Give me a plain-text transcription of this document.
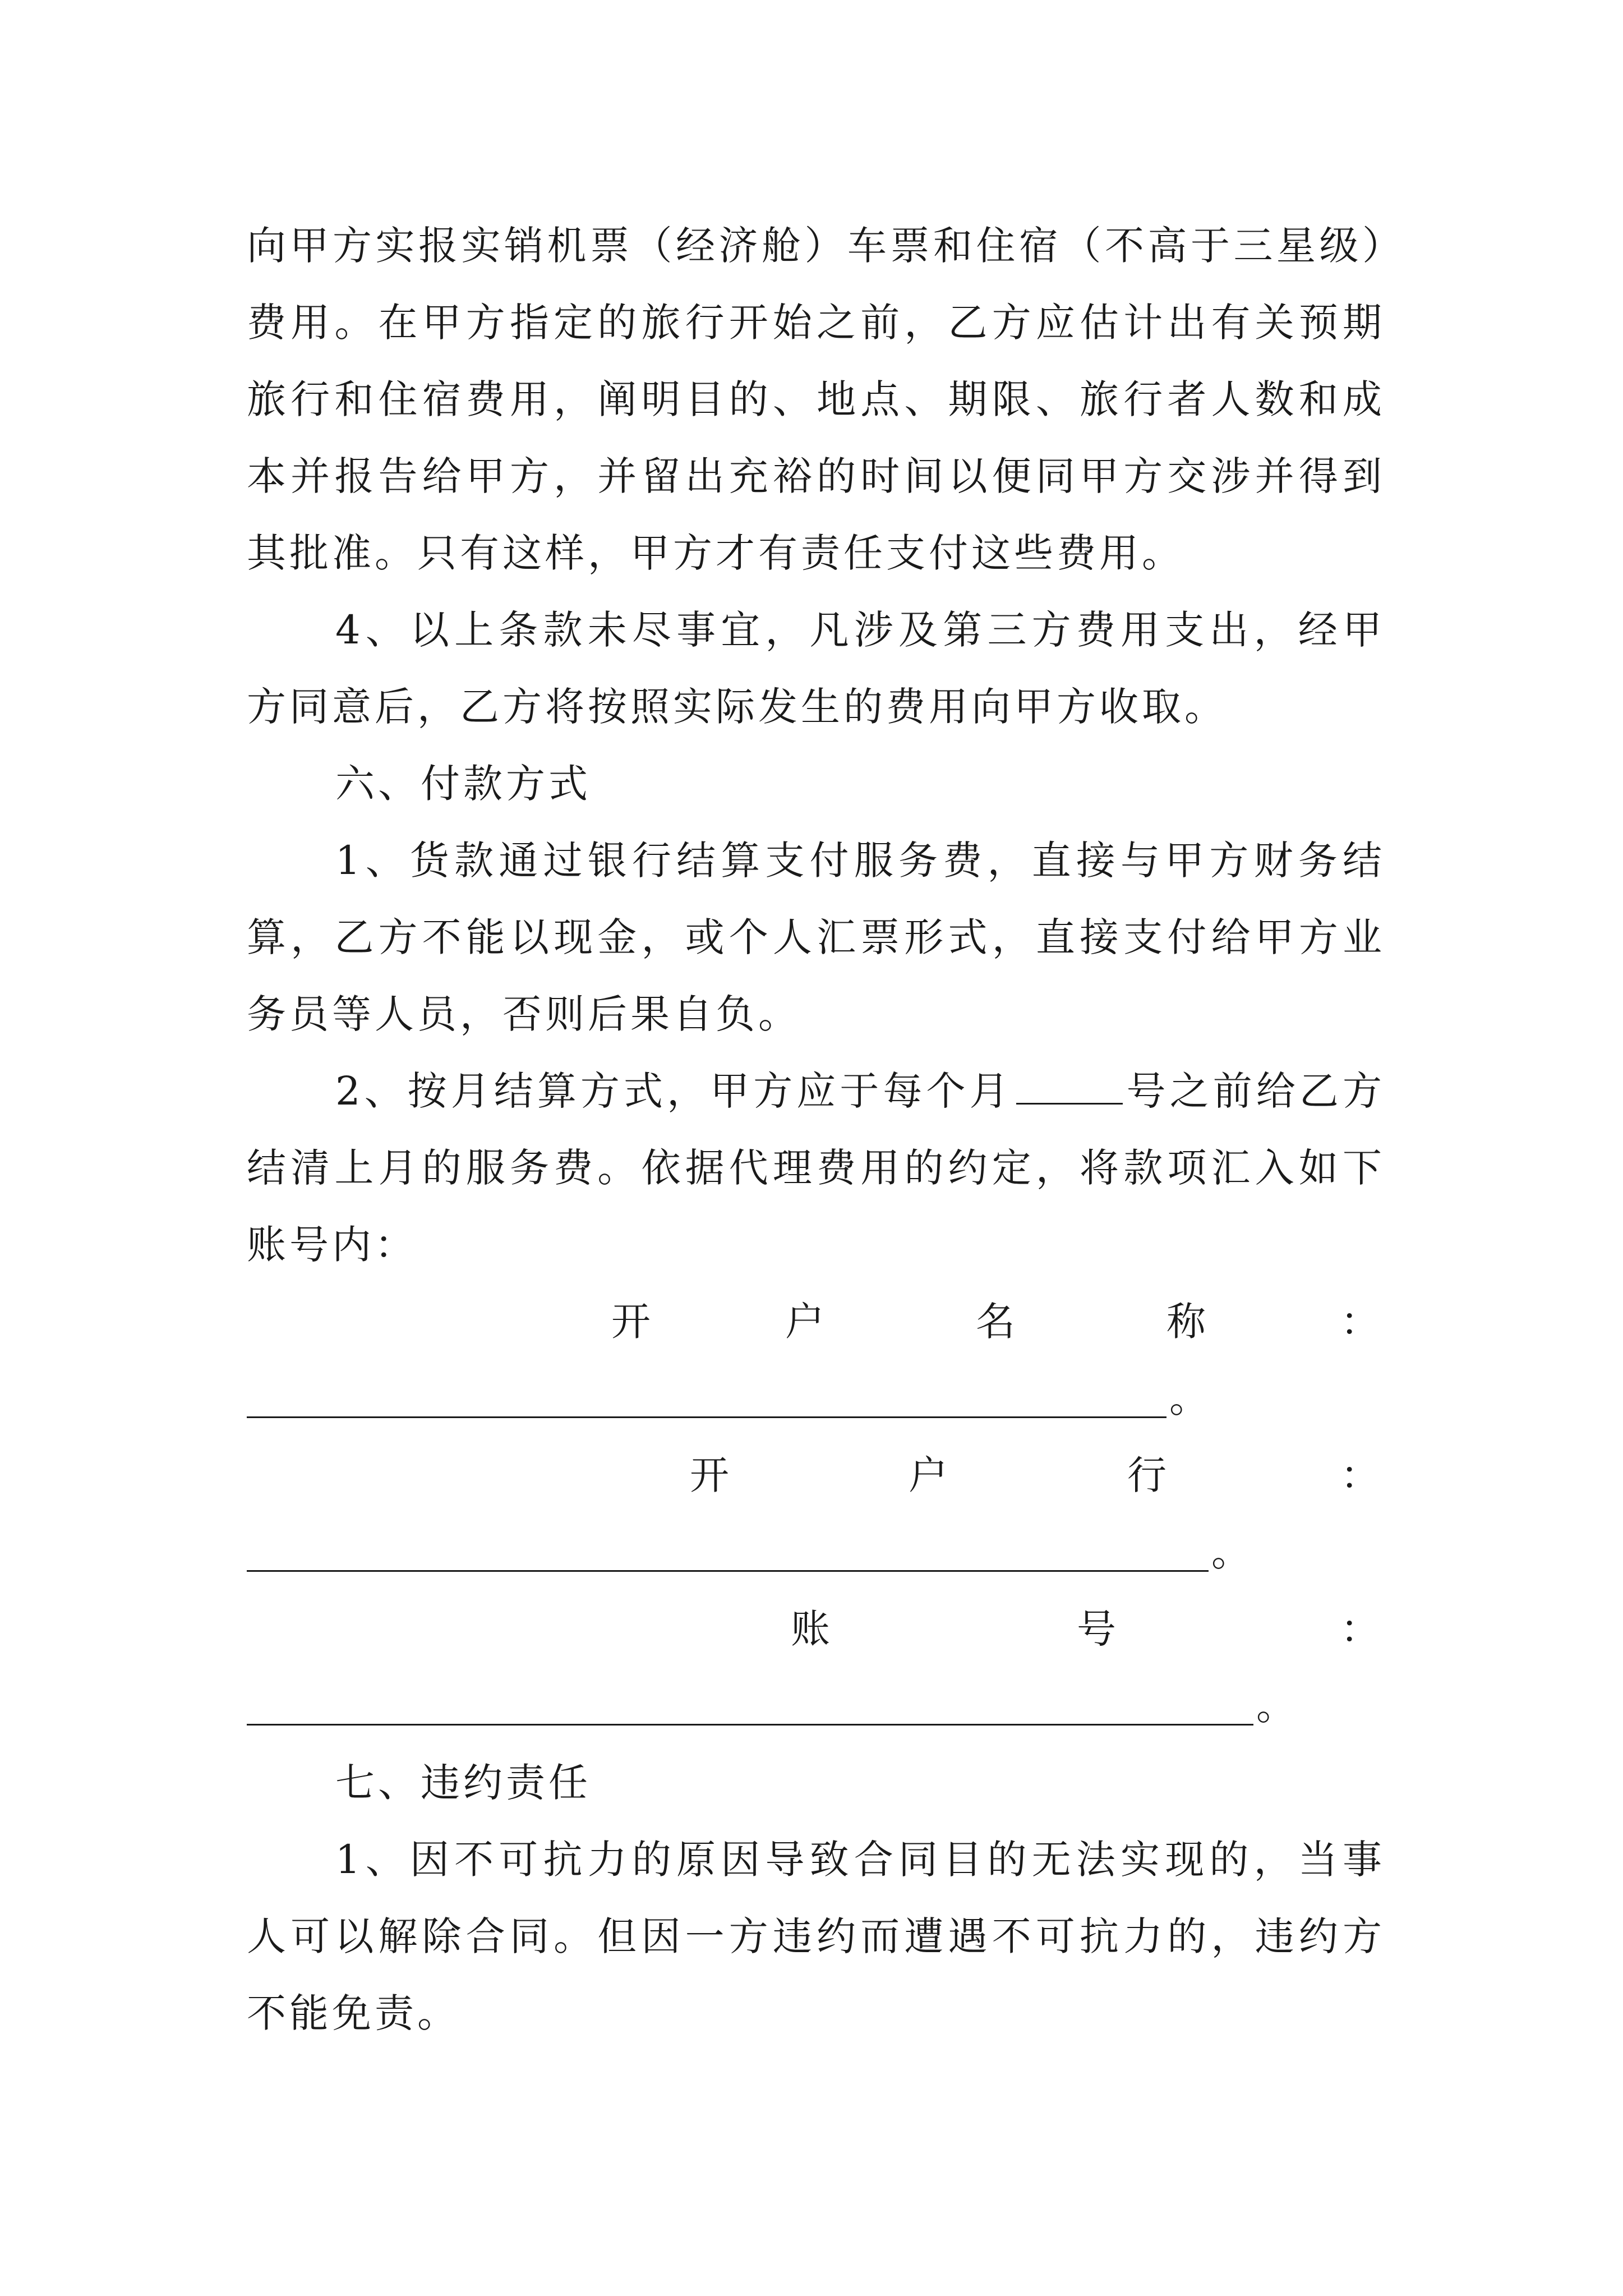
向甲方实报实销机票（经济舱）车票和住宿（不高于三星级）费用。在甲方指定的旅行开始之前，乙方应估计出有关预期旅行和住宿费用，阐明目的、地点、期限、旅行者人数和成本并报告给甲方，并留出充裕的时间以便同甲方交涉并得到其批准。只有这样，甲方才有责任支付这些费用。

4、以上条款未尽事宜，凡涉及第三方费用支出，经甲方同意后，乙方将按照实际发生的费用向甲方收取。

六、付款方式

1、货款通过银行结算支付服务费，直接与甲方财务结算，乙方不能以现金，或个人汇票形式，直接支付给甲方业务员等人员，否则后果自负。

2、按月结算方式，甲方应于每个月	号之前给乙方结清上月的服务费。依据代理费用的约定，将款项汇入如下账号内：

开	户	名	称	：
。
开	户	行	：
。
账	号	：
。

七、违约责任

1、因不可抗力的原因导致合同目的无法实现的，当事人可以解除合同。但因一方违约而遭遇不可抗力的，违约方不能免责。
